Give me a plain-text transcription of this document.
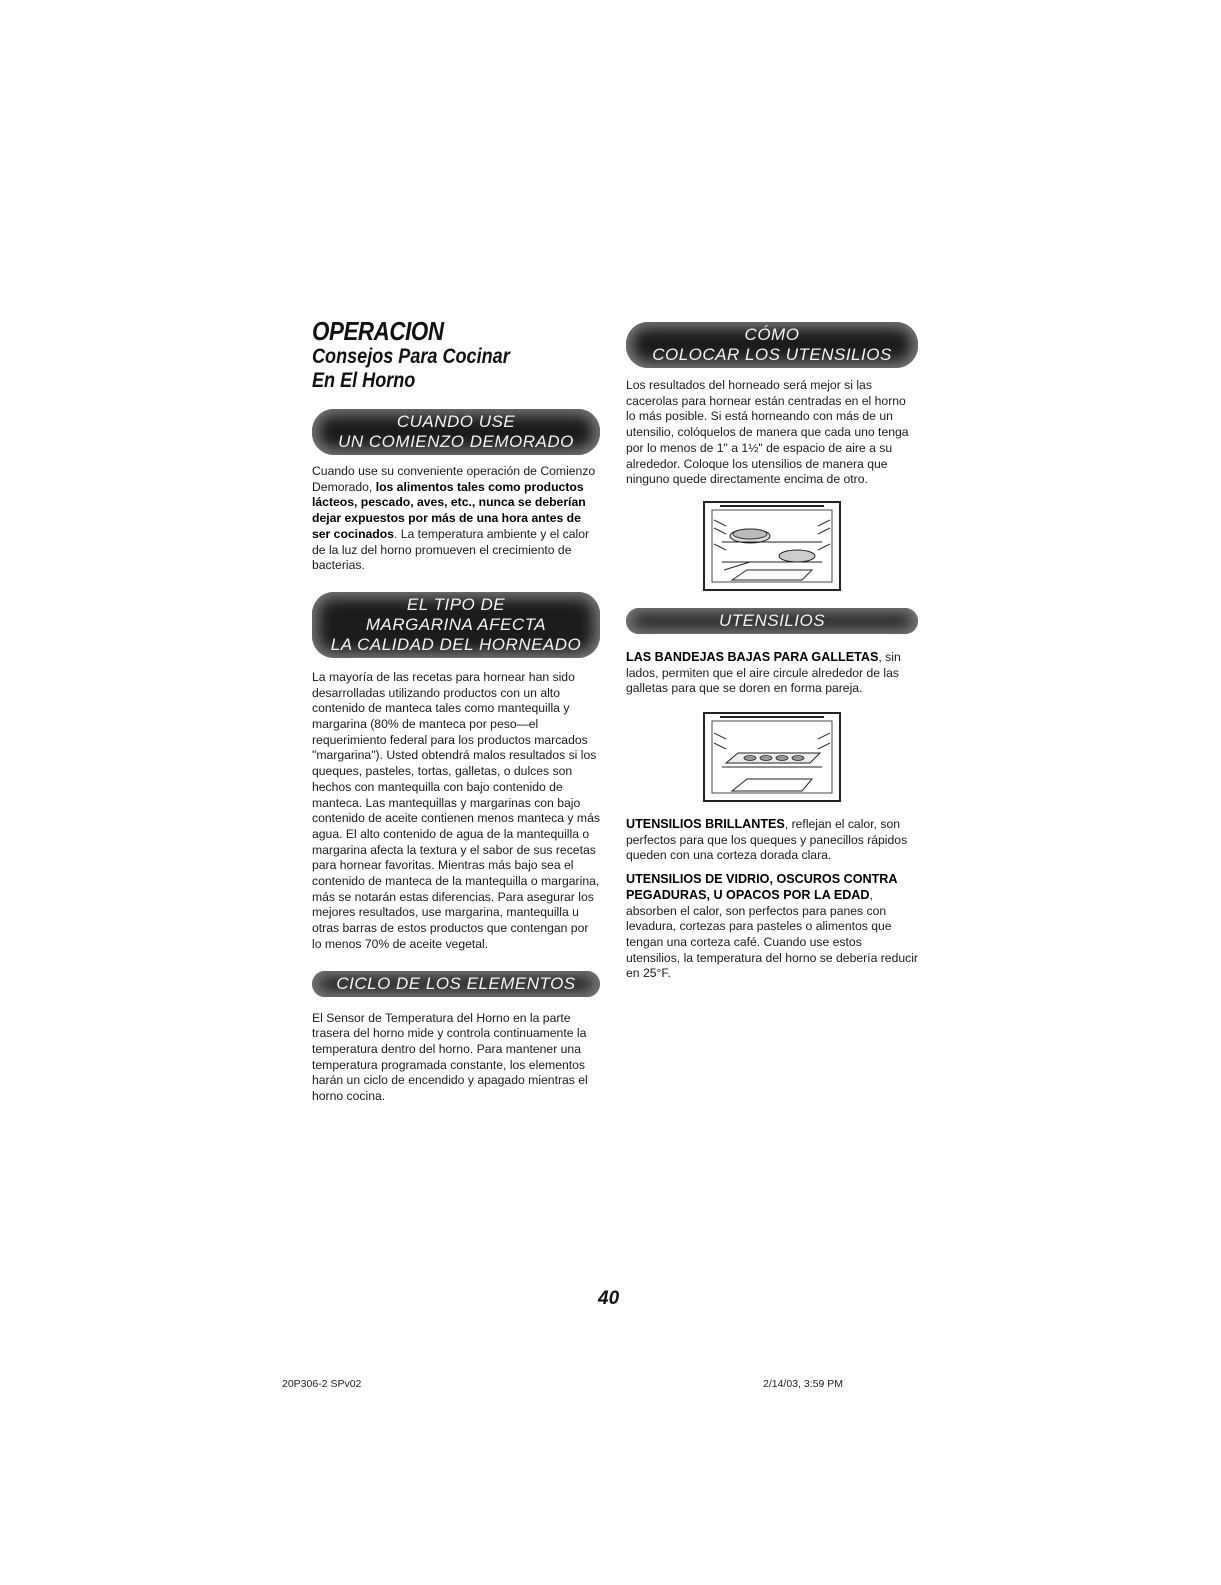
OPERACION
Consejos Para Cocinar
En El Horno
CUANDO USE
UN COMIENZO DEMORADO

Cuando use su conveniente operación de Comienzo Demorado, los alimentos tales como productos lácteos, pescado, aves, etc., nunca se deberían dejar expuestos por más de una hora antes de ser cocinados. La temperatura ambiente y el calor de la luz del horno promueven el crecimiento de bacterias.

EL TIPO DE
MARGARINA AFECTA
LA CALIDAD DEL HORNEADO

La mayoría de las recetas para hornear han sido desarrolladas utilizando productos con un alto contenido de manteca tales como mantequilla y margarina (80% de manteca por peso—el requerimiento federal para los productos marcados "margarina"). Usted obtendrá malos resultados si los queques, pasteles, tortas, galletas, o dulces son hechos con mantequilla con bajo contenido de manteca. Las mantequillas y margarinas con bajo contenido de aceite contienen menos manteca y más agua. El alto contenido de agua de la mantequilla o margarina afecta la textura y el sabor de sus recetas para hornear favoritas. Mientras más bajo sea el contenido de manteca de la mantequilla o margarina, más se notarán estas diferencias. Para asegurar los mejores resultados, use margarina, mantequilla u otras barras de estos productos que contengan por lo menos 70% de aceite vegetal.

CICLO DE LOS ELEMENTOS

El Sensor de Temperatura del Horno en la parte trasera del horno mide y controla continuamente la temperatura dentro del horno. Para mantener una temperatura programada constante, los elementos harán un ciclo de encendido y apagado mientras el horno cocina.

CÓMO
COLOCAR LOS UTENSILIOS

Los resultados del horneado será mejor si las cacerolas para hornear están centradas en el horno lo más posible. Si está horneando con más de un utensilio, colóquelos de manera que cada uno tenga por lo menos de 1" a 1½" de espacio de aire a su alrededor. Coloque los utensilios de manera que ninguno quede directamente encima de otro.

UTENSILIOS

LAS BANDEJAS BAJAS PARA GALLETAS, sin lados, permiten que el aire circule alrededor de las galletas para que se doren en forma pareja.

UTENSILIOS BRILLANTES, reflejan el calor, son perfectos para que los queques y panecillos rápidos queden con una corteza dorada clara.

UTENSILIOS DE VIDRIO, OSCUROS CONTRA PEGADURAS, U OPACOS POR LA EDAD, absorben el calor, son perfectos para panes con levadura, cortezas para pasteles o alimentos que tengan una corteza café. Cuando use estos utensilios, la temperatura del horno se debería reducir en 25°F.

40
20P306-2 SPv02	2/14/03, 3:59 PM
